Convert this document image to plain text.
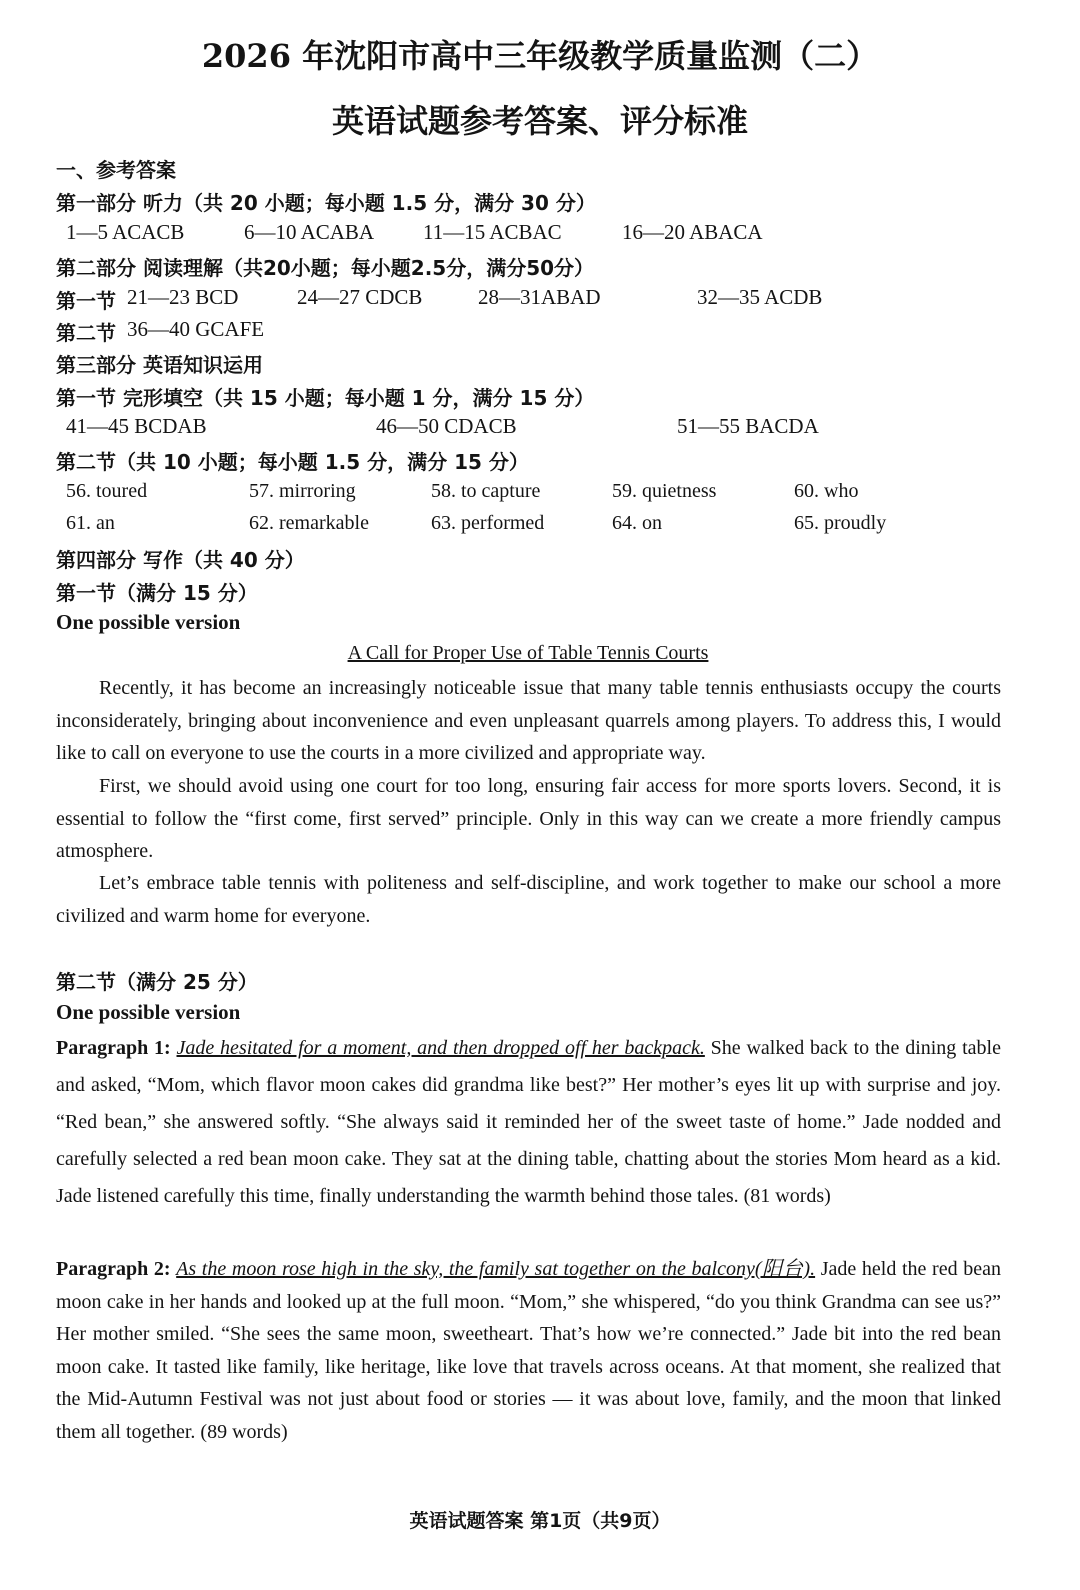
2026 年沈阳市高中三年级教学质量监测（二）
英语试题参考答案、评分标准
一、参考答案
第一部分 听力（共 20 小题；每小题 1.5 分，满分 30 分）
1—5 ACACB	6—10 ACABA 11—15 ACBAC	16—20 ABACA
第二部分 阅读理解（共20小题；每小题2.5分，满分50分）
第一节 21—23 BCD	24—27 CDCB	28—31ABAD	32—35 ACDB
第二节 36—40 GCAFE
第三部分 英语知识运用
第一节 完形填空（共 15 小题；每小题 1 分，满分 15 分）
41—45 BCDAB	46—50 CDACB	51—55 BACDA
第二节（共 10 小题；每小题 1.5 分，满分 15 分）
56. toured	57. mirroring	58. to capture	59. quietness	60. who
61. an	62. remarkable	63. performed	64. on	65. proudly
第四部分 写作（共 40 分）
第一节（满分 15 分）
One possible version
A Call for Proper Use of Table Tennis Courts

Recently, it has become an increasingly noticeable issue that many table tennis enthusiasts occupy the courts inconsiderately, bringing about inconvenience and even unpleasant quarrels among players. To address this, I would like to call on everyone to use the courts in a more civilized and appropriate way.

First, we should avoid using one court for too long, ensuring fair access for more sports lovers. Second, it is essential to follow the “first come, first served” principle. Only in this way can we create a more friendly campus atmosphere.

Let’s embrace table tennis with politeness and self-discipline, and work together to make our school a more civilized and warm home for everyone.

第二节（满分 25 分）
One possible version

Paragraph 1: Jade hesitated for a moment, and then dropped off her backpack. She walked back to the dining table and asked, “Mom, which flavor moon cakes did grandma like best?” Her mother’s eyes lit up with surprise and joy. “Red bean,” she answered softly. “She always said it reminded her of the sweet taste of home.” Jade nodded and carefully selected a red bean moon cake. They sat at the dining table, chatting about the stories Mom heard as a kid. Jade listened carefully this time, finally understanding the warmth behind those tales. (81 words)

Paragraph 2: As the moon rose high in the sky, the family sat together on the balcony(阳台). Jade held the red bean moon cake in her hands and looked up at the full moon. “Mom,” she whispered, “do you think Grandma can see us?” Her mother smiled. “She sees the same moon, sweetheart. That’s how we’re connected.” Jade bit into the red bean moon cake. It tasted like family, like heritage, like love that travels across oceans. At that moment, she realized that the Mid-Autumn Festival was not just about food or stories — it was about love, family, and the moon that linked them all together. (89 words)

英语试题答案 第1页（共9页）
